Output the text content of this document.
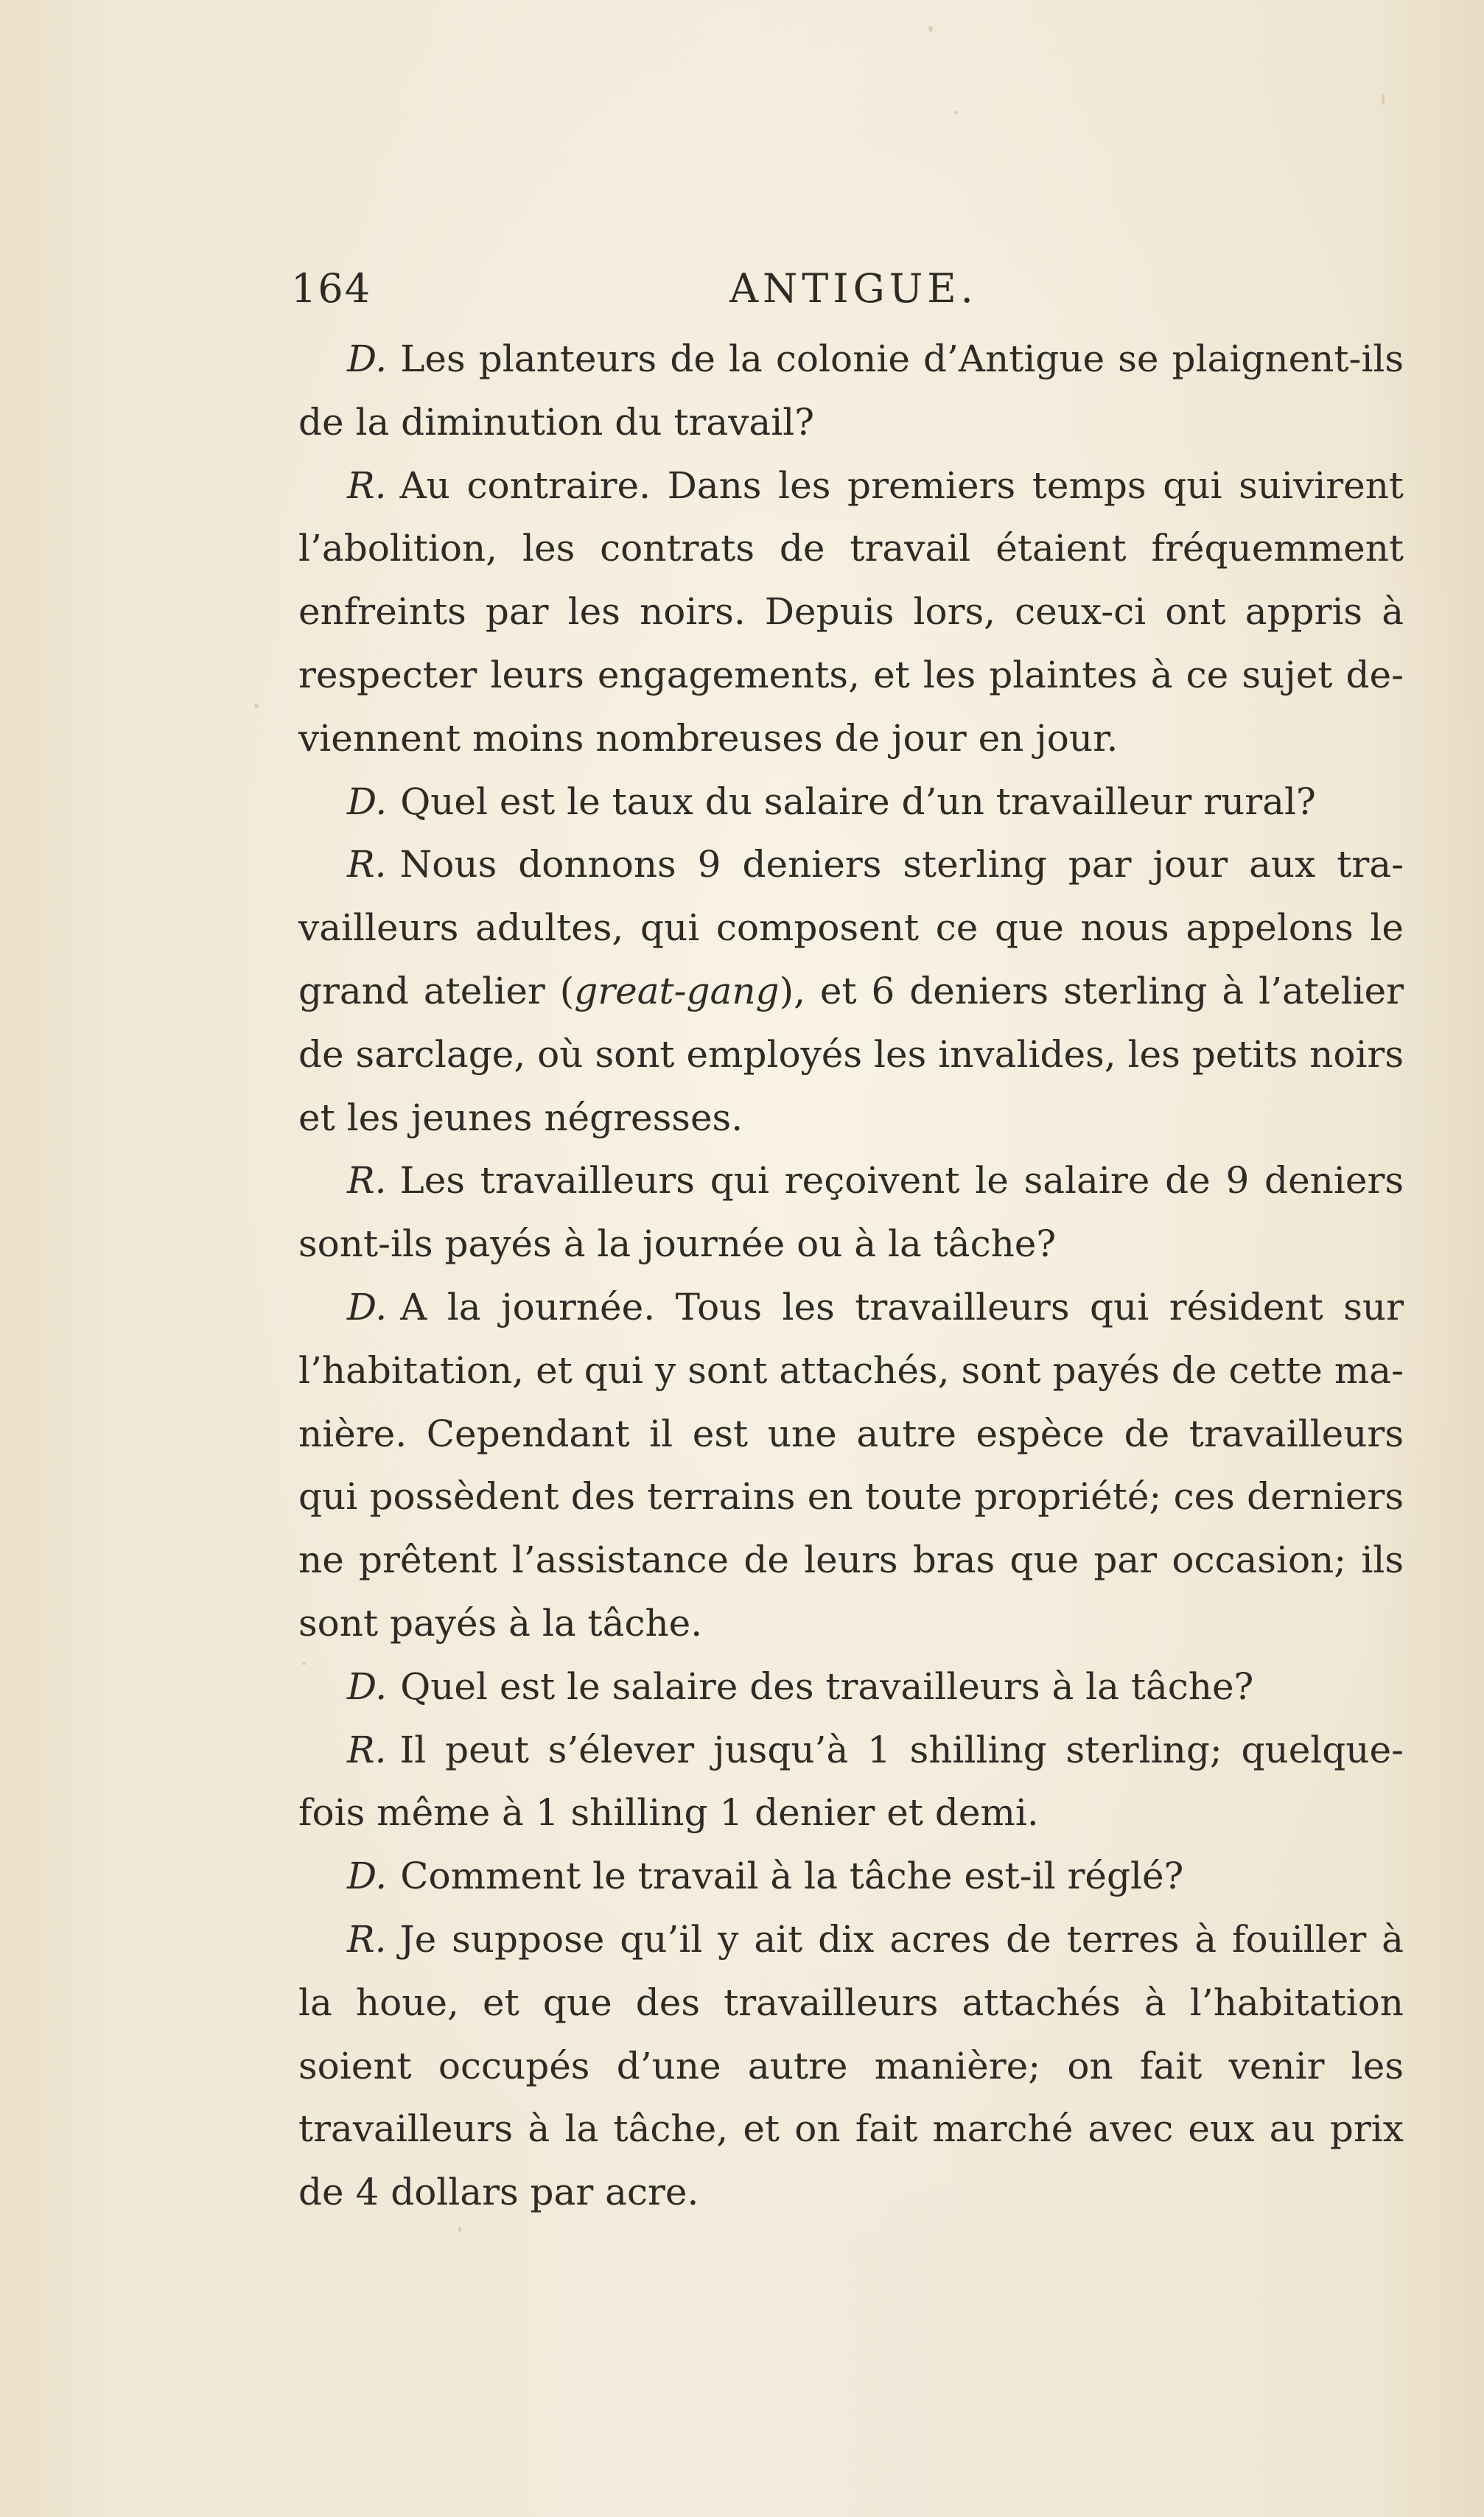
164	ANTIGUE.

D. Les planteurs de la colonie d’Antigue se plaignent-ils de la diminution du travail?

R. Au contraire. Dans les premiers temps qui suivirent l’abolition, les contrats de travail étaient fréquemment enfreints par les noirs. Depuis lors, ceux-ci ont appris à respecter leurs engagements, et les plaintes à ce sujet de-viennent moins nombreuses de jour en jour.

D. Quel est le taux du salaire d’un travailleur rural?

R. Nous donnons 9 deniers sterling par jour aux tra-vailleurs adultes, qui composent ce que nous appelons le grand atelier (great-gang), et 6 deniers sterling à l’atelier de sarclage, où sont employés les invalides, les petits noirs et les jeunes négresses.

R. Les travailleurs qui reçoivent le salaire de 9 deniers sont-ils payés à la journée ou à la tâche?

D. A la journée. Tous les travailleurs qui résident sur l’habitation, et qui y sont attachés, sont payés de cette ma-nière. Cependant il est une autre espèce de travailleurs qui possèdent des terrains en toute propriété; ces derniers ne prêtent l’assistance de leurs bras que par occasion; ils sont payés à la tâche.

D. Quel est le salaire des travailleurs à la tâche?

R. Il peut s’élever jusqu’à 1 shilling sterling; quelque-fois même à 1 shilling 1 denier et demi.

D. Comment le travail à la tâche est-il réglé?

R. Je suppose qu’il y ait dix acres de terres à fouiller à la houe, et que des travailleurs attachés à l’habitation soient occupés d’une autre manière; on fait venir les travailleurs à la tâche, et on fait marché avec eux au prix de 4 dollars par acre.
